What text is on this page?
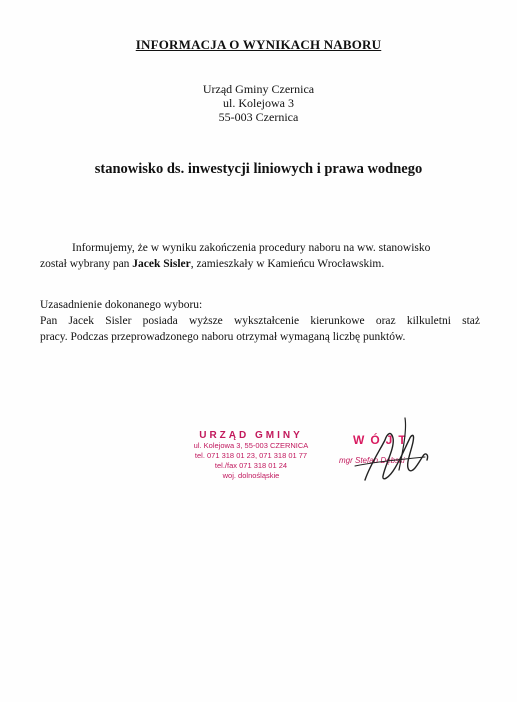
INFORMACJA O WYNIKACH NABORU
Urząd Gminy Czernica
ul. Kolejowa 3
55-003 Czernica
stanowisko ds. inwestycji liniowych i prawa wodnego
Informujemy, że w wyniku zakończenia procedury naboru na ww. stanowisko
został wybrany pan Jacek Sisler, zamieszkały w Kamieńcu Wrocławskim.
Uzasadnienie dokonanego wyboru:
Pan Jacek Sisler posiada wyższe wykształcenie kierunkowe oraz kilkuletni staż
pracy. Podczas przeprowadzonego naboru otrzymał wymaganą liczbę punktów.
URZĄD GMINY
ul. Kolejowa 3, 55-003 CZERNICA
tel. 071 318 01 23, 071 318 01 77
tel./fax 071 318 01 24
woj. dolnośląskie
WÓJT
mgr Stefan Dębski
